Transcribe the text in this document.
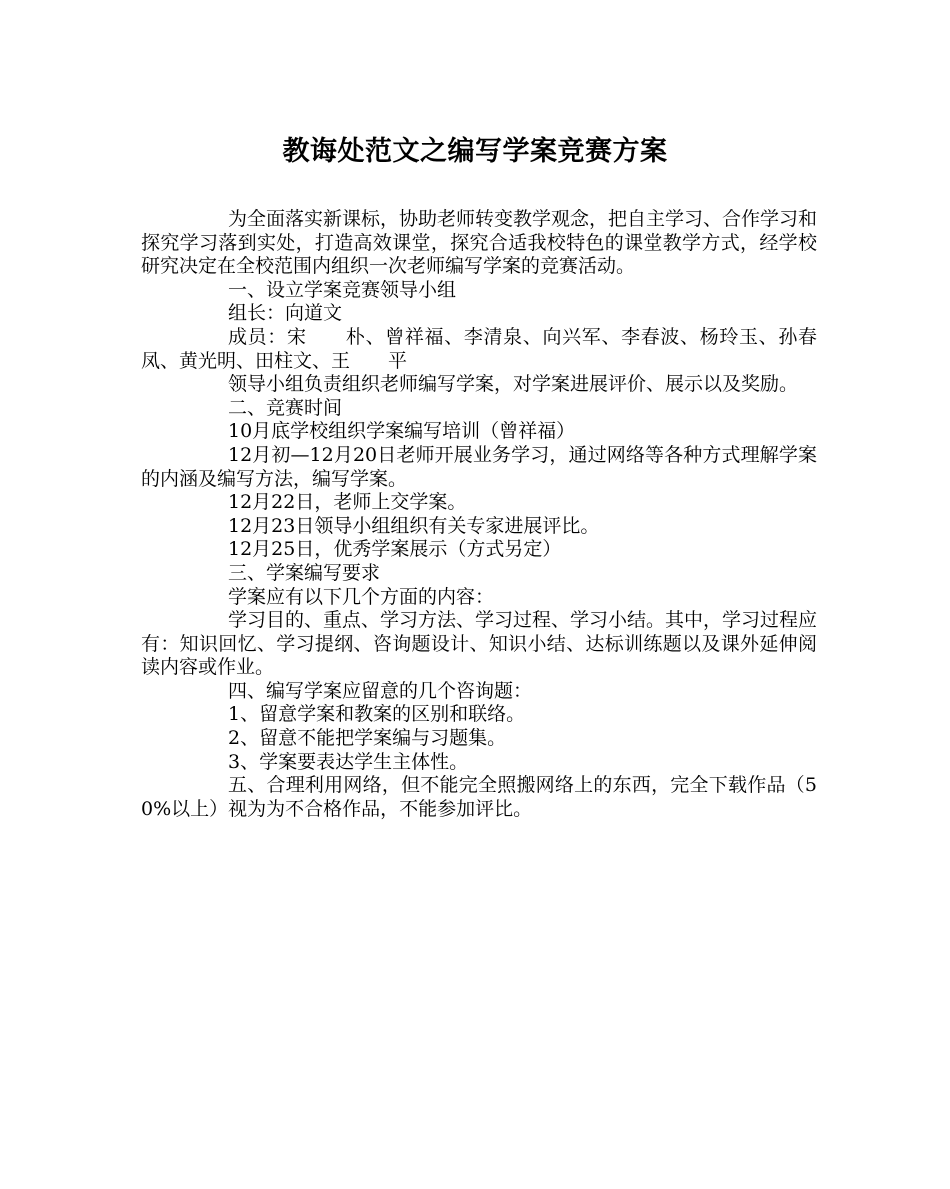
教诲处范文之编写学案竞赛方案

为全面落实新课标，协助老师转变教学观念，把自主学习、合作学习和探究学习落到实处，打造高效课堂，探究合适我校特色的课堂教学方式，经学校研究决定在全校范围内组织一次老师编写学案的竞赛活动。

一、设立学案竞赛领导小组

组长：向道文

成员：宋　　朴、曾祥福、李清泉、向兴军、李春波、杨玲玉、孙春凤、黄光明、田柱文、王　　平

领导小组负责组织老师编写学案，对学案进展评价、展示以及奖励。

二、竞赛时间

10月底学校组织学案编写培训（曾祥福）

12月初—12月20日老师开展业务学习，通过网络等各种方式理解学案的内涵及编写方法，编写学案。

12月22日，老师上交学案。

12月23日领导小组组织有关专家进展评比。

12月25日，优秀学案展示（方式另定）

三、学案编写要求

学案应有以下几个方面的内容：

学习目的、重点、学习方法、学习过程、学习小结。其中，学习过程应有：知识回忆、学习提纲、咨询题设计、知识小结、达标训练题以及课外延伸阅读内容或作业。

四、编写学案应留意的几个咨询题：

1、留意学案和教案的区别和联络。

2、留意不能把学案编与习题集。

3、学案要表达学生主体性。

五、合理利用网络，但不能完全照搬网络上的东西，完全下载作品（50%以上）视为为不合格作品，不能参加评比。
